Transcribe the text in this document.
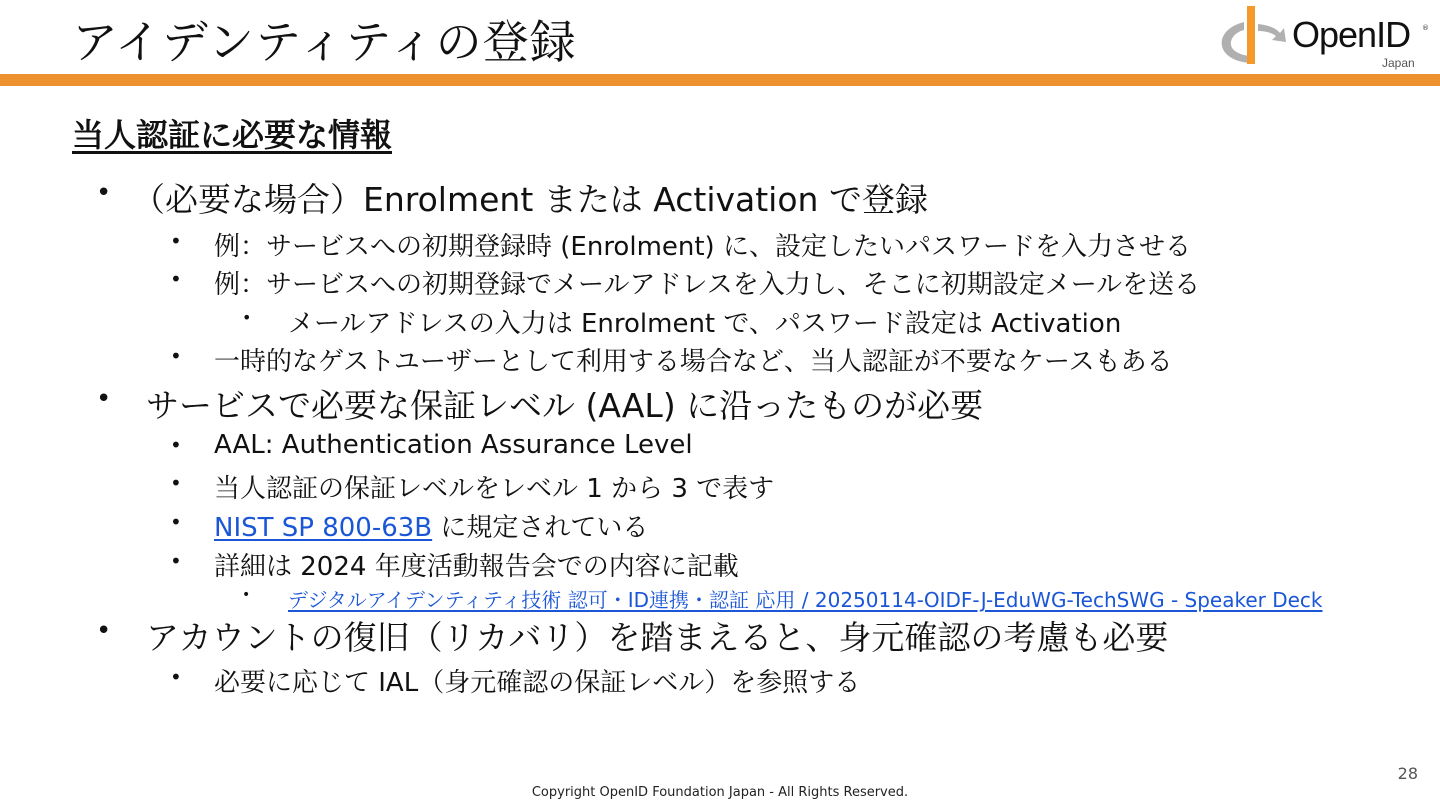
アイデンティティの登録	OpenID ®
Japan
当人認証に必要な情報
• （必要な場合）Enrolment または Activation で登録
• 例：サービスへの初期登録時 (Enrolment) に、設定したいパスワードを入力させる
• 例：サービスへの初期登録でメールアドレスを入力し、そこに初期設定メールを送る
• メールアドレスの入力は Enrolment で、パスワード設定は Activation
• 一時的なゲストユーザーとして利用する場合など、当人認証が不要なケースもある
• サービスで必要な保証レベル (AAL) に沿ったものが必要
• AAL: Authentication Assurance Level
• 当人認証の保証レベルをレベル 1 から 3 で表す
• NIST SP 800-63B に規定されている
• 詳細は 2024 年度活動報告会での内容に記載
• デジタルアイデンティティ技術 認可・ID連携・認証 応用 / 20250114-OIDF-J-EduWG-TechSWG - Speaker Deck
• アカウントの復旧（リカバリ）を踏まえると、身元確認の考慮も必要
• 必要に応じて IAL（身元確認の保証レベル）を参照する
28
Copyright OpenID Foundation Japan - All Rights Reserved.
